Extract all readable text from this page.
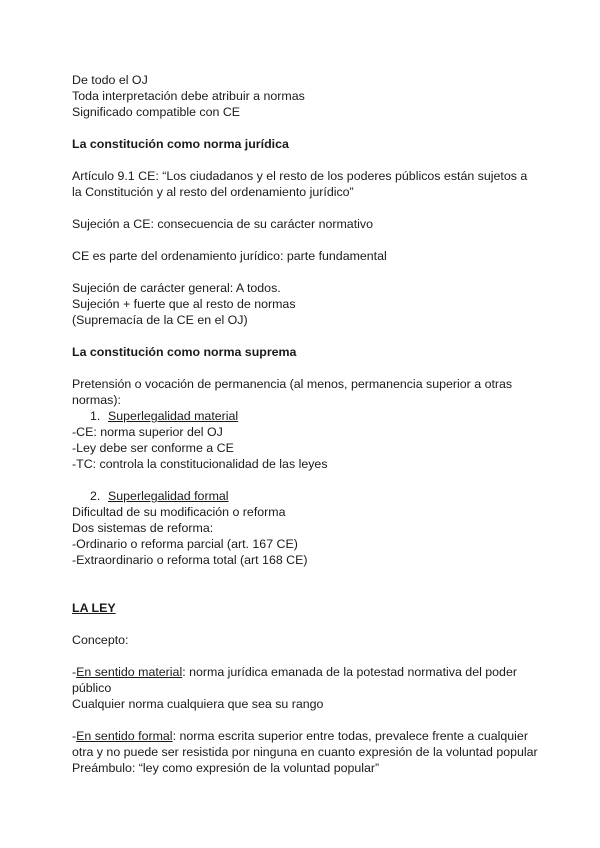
De todo el OJ
Toda interpretación debe atribuir a normas
Significado compatible con CE
La constitución como norma jurídica
Artículo 9.1 CE: “Los ciudadanos y el resto de los poderes públicos están sujetos a
la Constitución y al resto del ordenamiento jurídico”
Sujeción a CE: consecuencia de su carácter normativo
CE es parte del ordenamiento jurídico: parte fundamental
Sujeción de carácter general: A todos.
Sujeción + fuerte que al resto de normas
(Supremacía de la CE en el OJ)
La constitución como norma suprema
Pretensión o vocación de permanencia (al menos, permanencia superior a otras
normas):
1. Superlegalidad material
-CE: norma superior del OJ
-Ley debe ser conforme a CE
-TC: controla la constitucionalidad de las leyes
2. Superlegalidad formal
Dificultad de su modificación o reforma
Dos sistemas de reforma:
-Ordinario o reforma parcial (art. 167 CE)
-Extraordinario o reforma total (art 168 CE)
LA LEY
Concepto:
-En sentido material: norma jurídica emanada de la potestad normativa del poder
público
Cualquier norma cualquiera que sea su rango
-En sentido formal: norma escrita superior entre todas, prevalece frente a cualquier
otra y no puede ser resistida por ninguna en cuanto expresión de la voluntad popular
Preámbulo: “ley como expresión de la voluntad popular”
